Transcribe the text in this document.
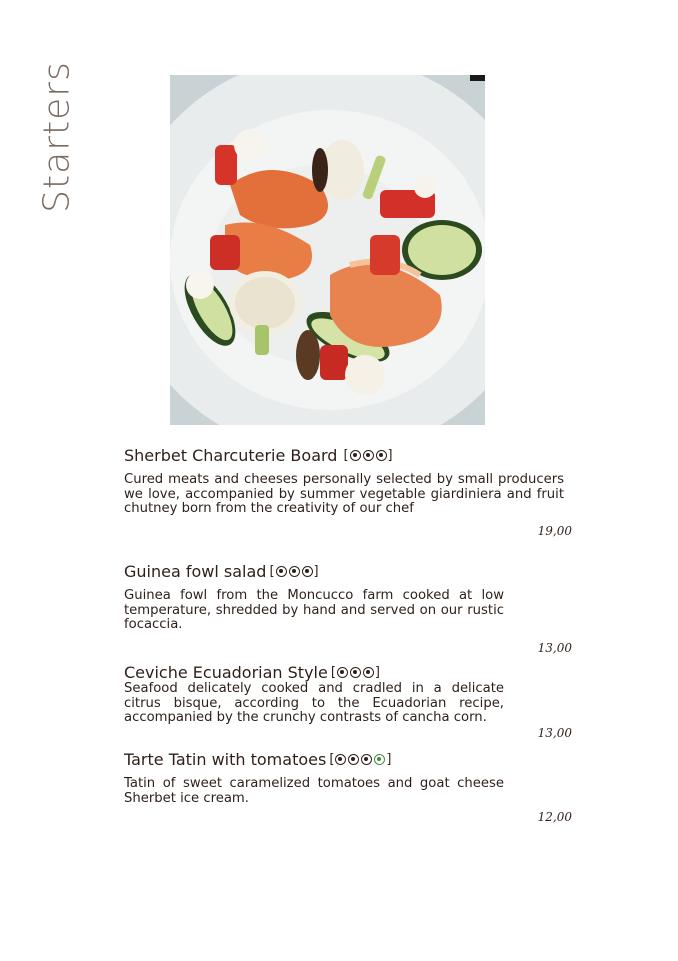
Starters
Sherbet Charcuterie Board [	]

Cured meats and cheeses personally selected by small producers we love, accompanied by summer vegetable giardiniera and fruit chutney born from the creativity of our chef

19,00
Guinea fowl salad [	]

Guinea fowl from the Moncucco farm cooked at low temperature, shredded by hand and served on our rustic focaccia.

13,00
Ceviche Ecuadorian Style [	]

Seafood delicately cooked and cradled in a delicate citrus bisque, according to the Ecuadorian recipe, accompanied by the crunchy contrasts of cancha corn.

13,00
Tarte Tatin with tomatoes [	]

Tatin of sweet caramelized tomatoes and goat cheese Sherbet ice cream.

12,00
